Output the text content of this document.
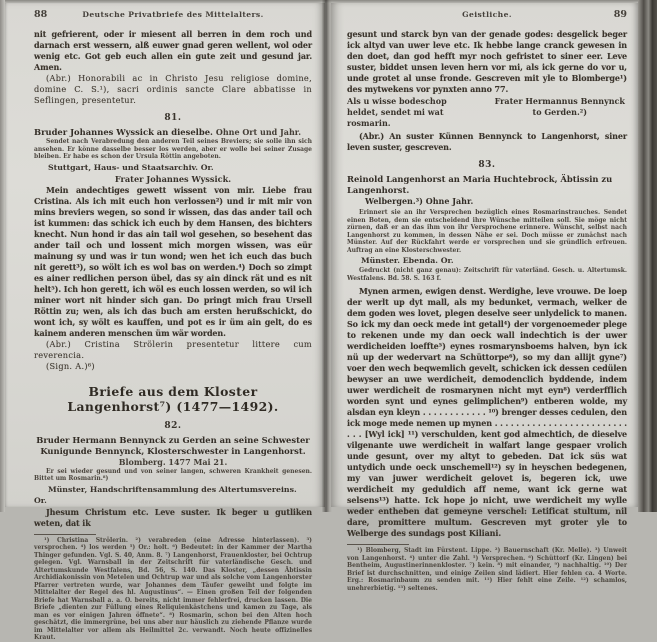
88	Deutsche Privatbriefe des Mittelalters.
nit gefrierent, oder ir miesent all berren in dem roch und darnach erst wessern, alß euwer gnad geren wellent, wol oder wenig etc. Got geb euch allen ein gute zeit und gesund jar. Amen.
(Abr.) Honorabili ac in Christo Jesu religiose domine, domine C. S.¹), sacri ordinis sancte Clare abbatisse in Seflingen, presentetur.
81.
Bruder Johannes Wyssick an dieselbe. Ohne Ort und Jahr.
Sendet nach Verabredung den anderen Teil seines Breviers; sie solle ihn sich ansehen. Er könne dasselbe besser los werden, aber er wolle bei seiner Zusage bleiben. Er habe es schon der Ursula Röttin angeboten.
Stuttgart, Haus- und Staatsarchiv. Or.
Frater Johannes Wyssick.
Mein andechtiges gewett wissent von mir. Liebe frau Cristina. Als ich mit euch hon verlossen²) und ir mit mir von mins breviers wegen, so sond ir wissen, das das ander tail och ist kummen: das schick ich euch by dem Hansen, des bichters knecht. Nun hond ir das ain tail wol gesehen, so besehent das ander tail och und lossent mich morgen wissen, was eür mainung sy und was ir tun wond; wen het ich euch das buch nit gerett³), so wölt ich es wol bas on werden.⁴) Doch so zimpt es ainer redlichen person übel, das sy ain dinck rät und es nit helt⁵). Ich hon gerett, ich wöl es euch lossen werden, so wil ich miner wort nit hinder sich gan. Do pringt mich frau Ursell Röttin zu; wen, als ich das buch am ersten herußschickt, do wont ich, sy wölt es kauffen, und pot es ir üm ain gelt, do es kainem anderen menschen üm wär worden.
(Abr.) Cristina Strölerin presentetur littere cum reverencia.
(Sign. A.)⁶)
Briefe aus dem Kloster Langenhorst⁷) (1477—1492).
82.
Bruder Hermann Bennynck zu Gerden an seine Schwester Kunigunde Bennynck, Klosterschwester in Langenhorst. Blomberg. 1477 Mai 21.
Er sei wieder gesund und von seiner langen, schweren Krankheit genesen. Bittet um Rosmarin.⁸)
Münster, Handschriftensammlung des Altertumsvereins. Or.
Jhesum Christum etc. Leve suster. Ik beger u gutliken weten, dat ik
¹) Christina Strölerin. ²) verabreden (eine Adresse hinterlassen). ³) versprochen. ⁴) los werden ⁵) Or.: holt. ⁶) Bedeutet: in der Kammer der Martha Thinger gefunden. Vgl. S. 40, Anm. 8. ⁷) Langenhorst, Frauenkloster, bei Ochtrup gelegen. Vgl. Warnsball in der Zeitschrift für vaterländische Gesch. und Altertumskunde Westfalens, Bd. 56, S. 140. Das Kloster, „dessen Äbtissin Archidiakonissin von Metelen und Ochtrup war und als solche vom Langenhorster Pfarrer vertreten wurde, war Johannes dem Täufer geweiht und folgte im Mittelalter der Regel des hl. Augustinus“. — Einen großen Teil der folgenden Briefe hat Warnsball a. a. O. bereits, nicht immer fehlerfrei, drucken lassen. Die Briefe „dienten zur Füllung eines Reliquienkästchens und kamen zu Tage, als man es vor einigen Jahren öffnete“. ⁸) Rosmarin, schon bei den Alten hoch geschätzt, die immergrüne, bei uns aber nur häuslich zu ziehende Pflanze wurde im Mittelalter vor allem als Heilmittel 2c. verwandt. Noch heute offizinelles Kraut.
Geistliche.	89
gesunt und starck byn van der genade godes: desgelick beger ick altyd van uwer leve etc. Ik hebbe lange cranck gewesen in den doet, dan god hefft myr noch gefristet to siner eer. Leve suster, biddet unsen leven hern vor mi, als ick gerne do vor u, unde grotet al unse fronde. Gescreven mit yle to Blomberge¹) des mytwekens vor pynxten anno 77.
Als u wisse bodeschop
heldet, sendet mi wat
rosmarin.
Frater Hermannus Bennynck
to Gerden.²)
(Abr.) An suster Künnen Bennynck to Langenhorst, siner leven suster, gescreven.
83.
Reinold Langenhorst an Maria Huchtebrock, Äbtissin zu Langenhorst.
Welbergen.³) Ohne Jahr.
Erinnert sie an ihr Versprechen bezüglich eines Rosmarinstrauches. Sendet einen Boten, dem sie entscheidend ihre Wünsche mitteilen soll. Sie möge nicht zürnen, daß er an das ihm von ihr Versprochene erinnere. Wünscht, selbst nach Langenhorst zu kommen, in dessen Nähe er sei. Doch müsse er zunächst nach Münster. Auf der Rückfahrt werde er vorsprechen und sie gründlich erfreuen. Auftrag an eine Klosterschwester.
Münster. Ebenda. Or.
Gedruckt (nicht ganz genau): Zeitschrift für vaterländ. Gesch. u. Altertumsk. Westfalens. Bd. 58. S. 163 f.
Mynen armen, ewigen denst. Werdighe, leve vrouwe. De loep der werlt up dyt mall, als my bedunket, vermach, welker de dem goden wes lovet, plegen deselve seer unlydelick to manen. So ick my dan oeck mede int getall⁴) der vorgenoemeder plege to rekenen unde my dan oeck wall indechtich is der uwer werdicheiden loeffte⁵) eynes rosmarynsboems halven, byn ick nü up der wedervart na Schüttorpe⁶), so my dan allijt gyne⁷) voer den wech beqwemlich gevelt, schicken ick dessen cedülen bewyser an uwe werdicheit, demodenclich byddende, indem uwer werdicheit de rosmarynen nicht myt eyn⁸) verderfflich worden synt und eynes gelimplichen⁹) entberen wolde, my alsdan eyn kleyn . . . . . . . . . . . . ¹⁰) brenger desses cedulen, den ick moge mede nemen up mynen . . . . . . . . . . . . . . . . . . . . . . . . . . . . [Wyl ick] ¹¹) verschulden, kent god almechtich, de dieselve vilgenante uwe werdicheit in walfart lange gespaer vrolich unde gesunt, over my altyt to gebeden. Dat ick süs wat untydich unde oeck unschemell¹²) sy in heyschen bedegenen, my van juwer werdicheit gelovet is, begeren ick, uwe werdicheit my geduldich aff neme, want ick gerne wat selsens¹³) hatte. Ick hope jo nicht, uwe werdicheit my wylle weder entheben dat gemeyne verschel: Letificat stultum, nil dare, promittere multum. Gescreven myt groter yle to Welberge des sundags post Kiliani.
¹) Blomberg, Stadt im Fürstent. Lippe. ²) Bauernschaft (Kr. Melle). ³) Unweit von Langenhorst. ⁴) unter die Zahl. ⁵) Versprechen. ⁶) Schüttorf (Kr. Lingen) bei Bentheim, Augustinerinnenkloster. ⁷) kein. ⁸) mit einander, ⁹) nachhaltig. ¹⁰) Der Brief ist durchschnitten, und einige Zeilen sind lädiert. Hier fehlen ca. 4 Worte. Erg.: Rosmarinbaum zu senden mit. ¹¹) Hier fehlt eine Zeile. ¹²) schamlos, unehrerbietig. ¹³) seltenes.
